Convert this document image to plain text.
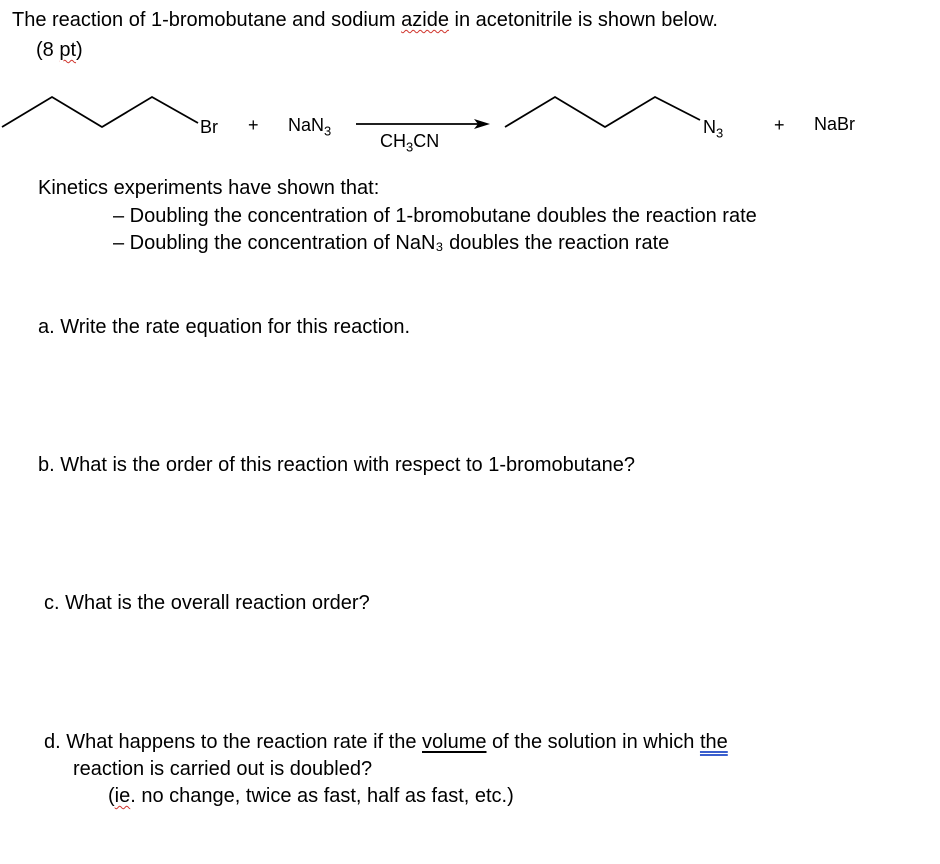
The reaction of 1-bromobutane and sodium azide in acetonitrile is shown below.
(8 pt)
Br + NaN$_3$	$CH_3CN$
$N_3$	+ NaBr
Kinetics experiments have shown that:
– Doubling the concentration of 1-bromobutane doubles the reaction rate
– Doubling the concentration of NaN₃ doubles the reaction rate
a. Write the rate equation for this reaction.
b. What is the order of this reaction with respect to 1-bromobutane?
c. What is the overall reaction order?
d. What happens to the reaction rate if the volume of the solution in which the
reaction is carried out is doubled?
(ie. no change, twice as fast, half as fast, etc.)
